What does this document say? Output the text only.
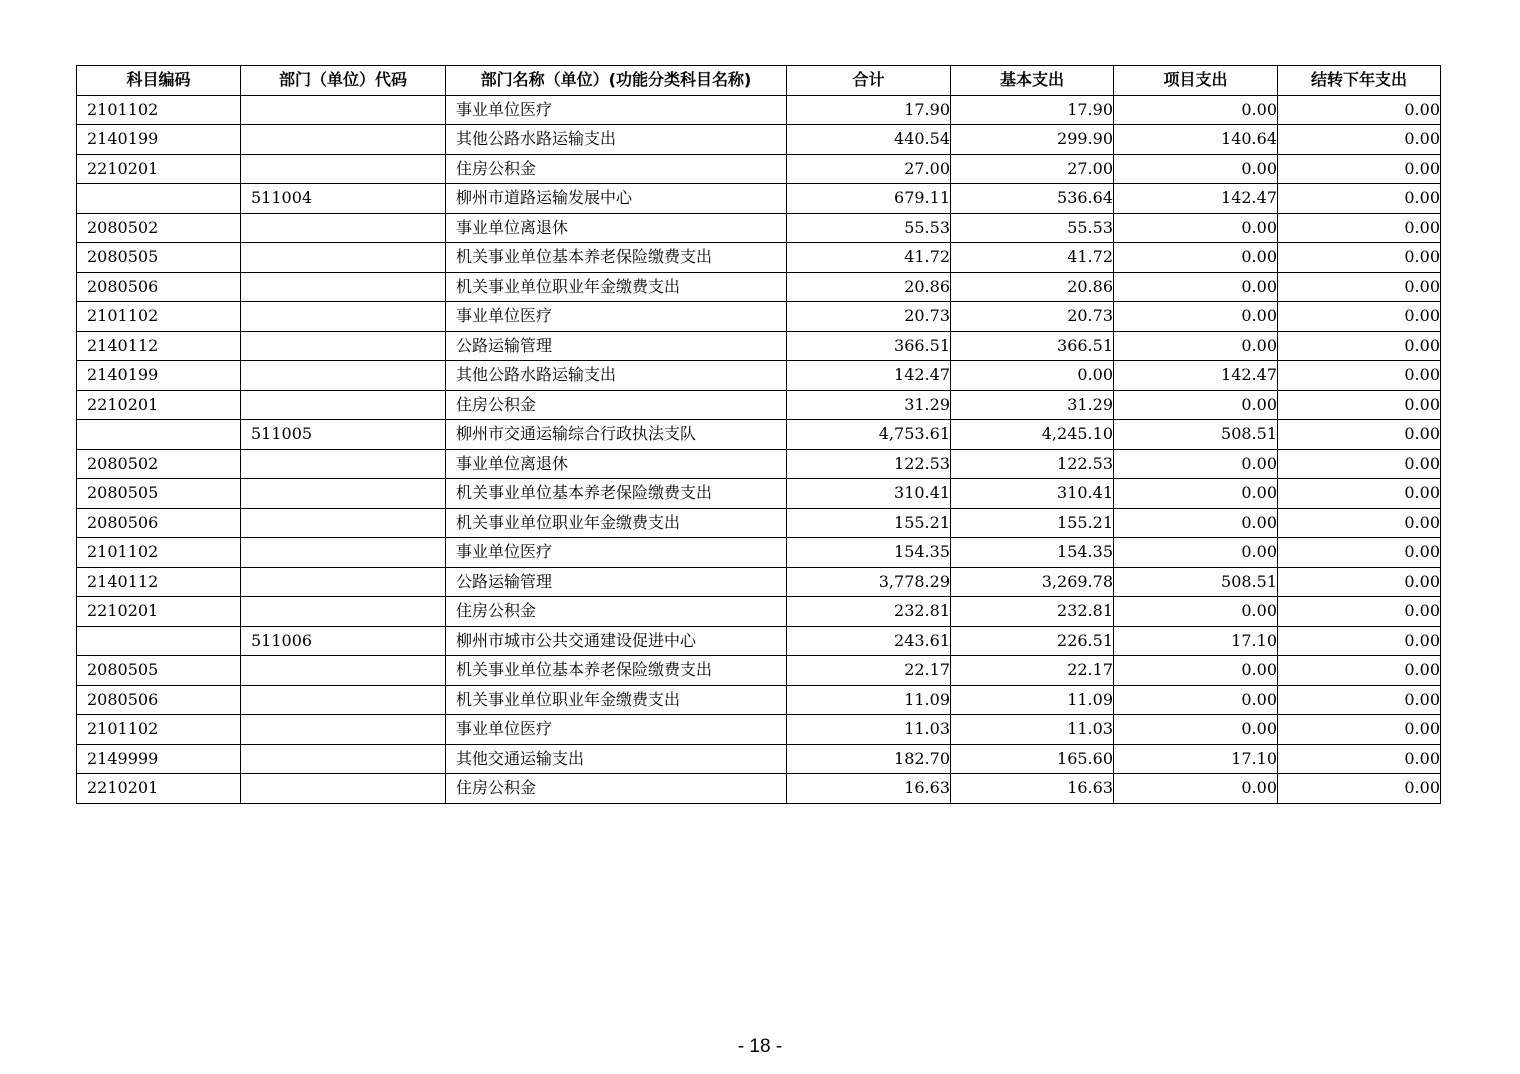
科目编码	部门（单位）代码	部门名称（单位）(功能分类科目名称)	合计	基本支出	项目支出	结转下年支出
2101102		事业单位医疗	17.90	17.90	0.00	0.00
2140199		其他公路水路运输支出	440.54	299.90	140.64	0.00
2210201		住房公积金	27.00	27.00	0.00	0.00
	511004	柳州市道路运输发展中心	679.11	536.64	142.47	0.00
2080502		事业单位离退休	55.53	55.53	0.00	0.00
2080505		机关事业单位基本养老保险缴费支出	41.72	41.72	0.00	0.00
2080506		机关事业单位职业年金缴费支出	20.86	20.86	0.00	0.00
2101102		事业单位医疗	20.73	20.73	0.00	0.00
2140112		公路运输管理	366.51	366.51	0.00	0.00
2140199		其他公路水路运输支出	142.47	0.00	142.47	0.00
2210201		住房公积金	31.29	31.29	0.00	0.00
	511005	柳州市交通运输综合行政执法支队	4,753.61	4,245.10	508.51	0.00
2080502		事业单位离退休	122.53	122.53	0.00	0.00
2080505		机关事业单位基本养老保险缴费支出	310.41	310.41	0.00	0.00
2080506		机关事业单位职业年金缴费支出	155.21	155.21	0.00	0.00
2101102		事业单位医疗	154.35	154.35	0.00	0.00
2140112		公路运输管理	3,778.29	3,269.78	508.51	0.00
2210201		住房公积金	232.81	232.81	0.00	0.00
	511006	柳州市城市公共交通建设促进中心	243.61	226.51	17.10	0.00
2080505		机关事业单位基本养老保险缴费支出	22.17	22.17	0.00	0.00
2080506		机关事业单位职业年金缴费支出	11.09	11.09	0.00	0.00
2101102		事业单位医疗	11.03	11.03	0.00	0.00
2149999		其他交通运输支出	182.70	165.60	17.10	0.00
2210201		住房公积金	16.63	16.63	0.00	0.00
- 18 -
